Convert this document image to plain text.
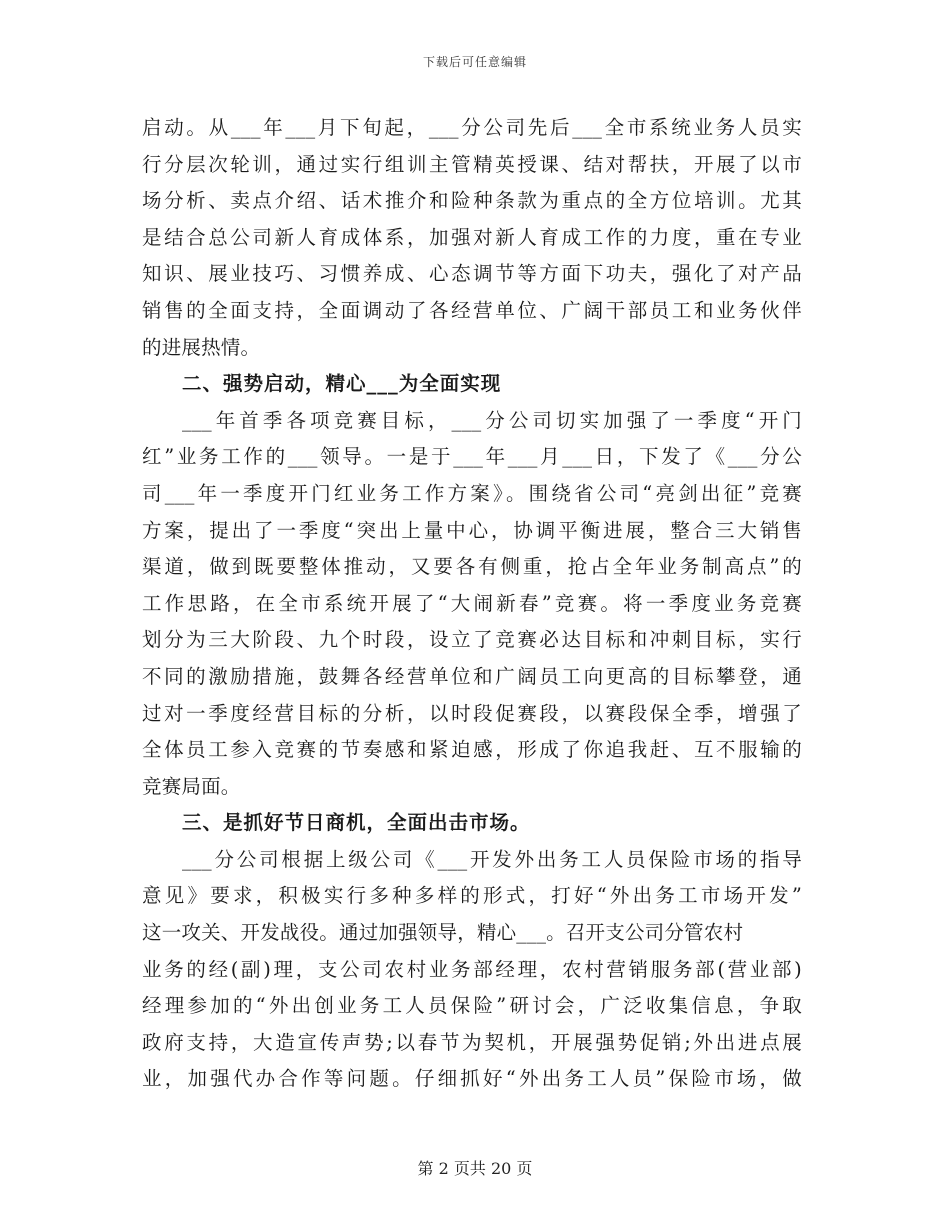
下载后可任意编辑
启动。从___年___月下旬起，___分公司先后___全市系统业务人员实
行分层次轮训，通过实行组训主管精英授课、结对帮扶，开展了以市
场分析、卖点介绍、话术推介和险种条款为重点的全方位培训。尤其
是结合总公司新人育成体系，加强对新人育成工作的力度，重在专业
知识、展业技巧、习惯养成、心态调节等方面下功夫，强化了对产品
销售的全面支持，全面调动了各经营单位、广阔干部员工和业务伙伴
的进展热情。
二、强势启动，精心___为全面实现
___年首季各项竞赛目标，___分公司切实加强了一季度“开门
红”业务工作的___领导。一是于___年___月___日，下发了《___分公
司___年一季度开门红业务工作方案》。围绕省公司“亮剑出征”竞赛
方案，提出了一季度“突出上量中心，协调平衡进展，整合三大销售
渠道，做到既要整体推动，又要各有侧重，抢占全年业务制高点”的
工作思路，在全市系统开展了“大闹新春”竞赛。将一季度业务竞赛
划分为三大阶段、九个时段，设立了竞赛必达目标和冲刺目标，实行
不同的激励措施，鼓舞各经营单位和广阔员工向更高的目标攀登，通
过对一季度经营目标的分析，以时段促赛段，以赛段保全季，增强了
全体员工参入竞赛的节奏感和紧迫感，形成了你追我赶、互不服输的
竞赛局面。
三、是抓好节日商机，全面出击市场。
___分公司根据上级公司《___开发外出务工人员保险市场的指导
意见》要求，积极实行多种多样的形式，打好“外出务工市场开发”
这一攻关、开发战役。通过加强领导，精心___。召开支公司分管农村
业务的经(副)理，支公司农村业务部经理，农村营销服务部(营业部)
经理参加的“外出创业务工人员保险”研讨会，广泛收集信息，争取
政府支持，大造宣传声势;以春节为契机，开展强势促销;外出进点展
业，加强代办合作等问题。仔细抓好“外出务工人员”保险市场，做
第 2 页共 20 页
